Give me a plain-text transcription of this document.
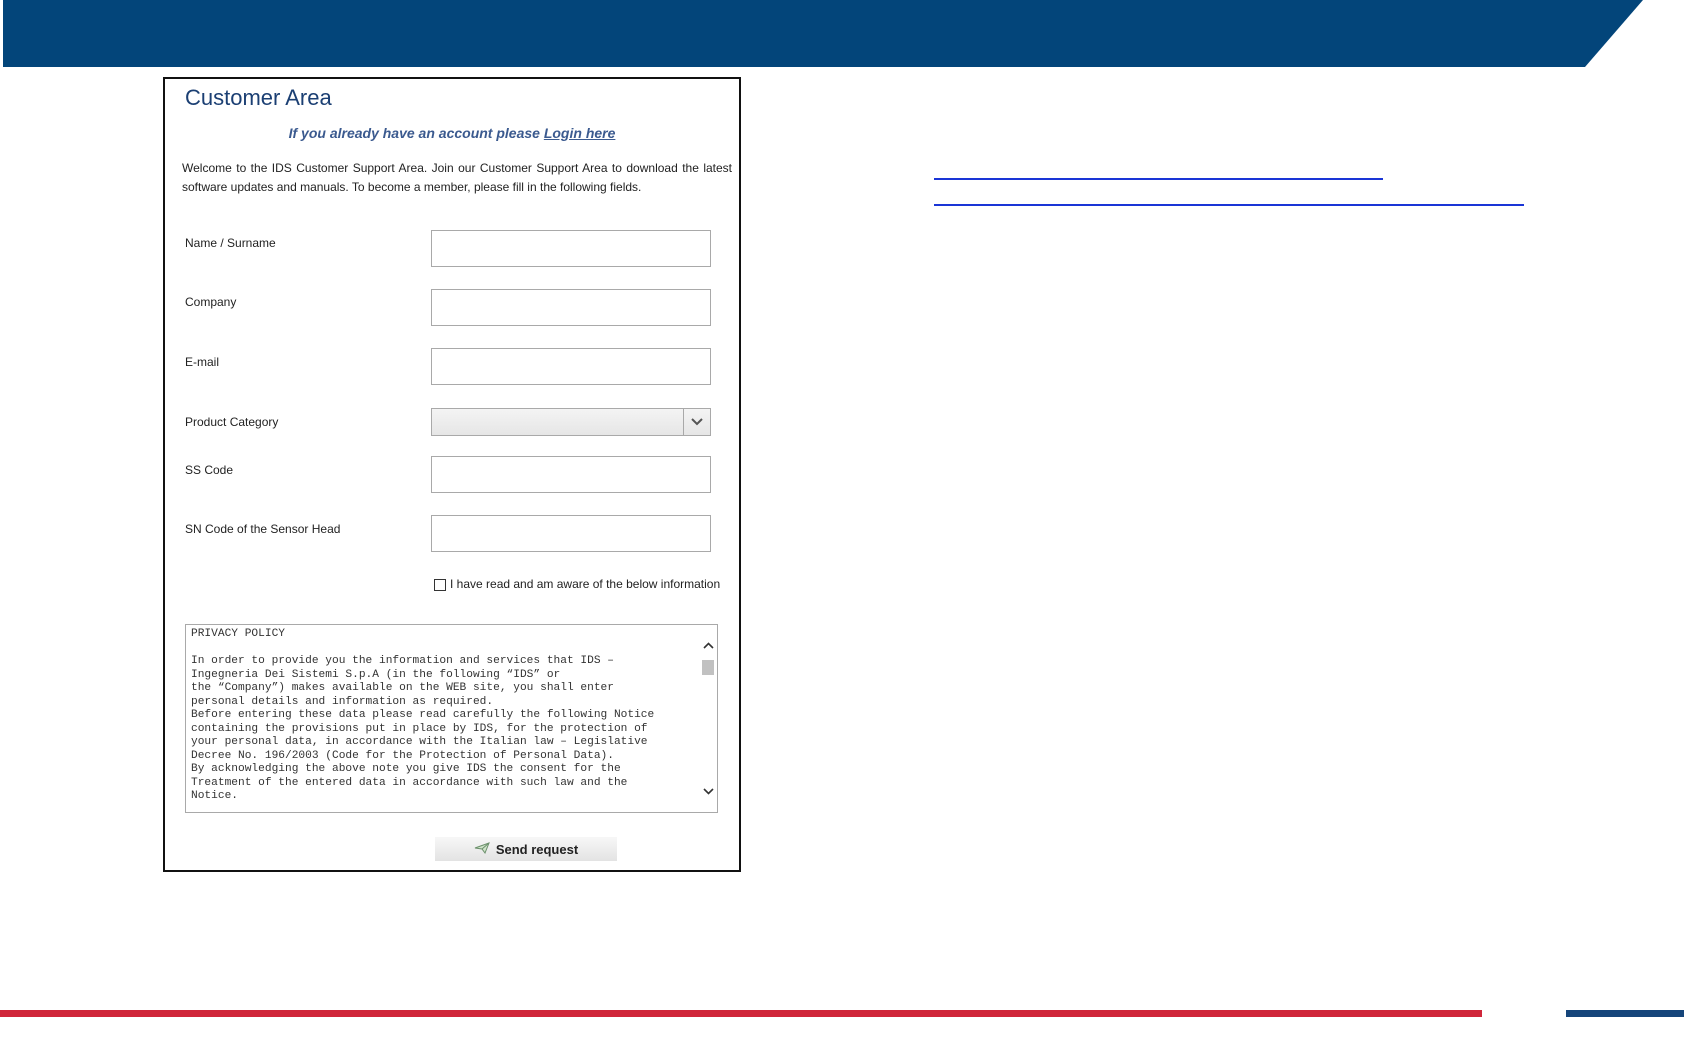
Customer Area
If you already have an account please Login here
Welcome to the IDS Customer Support Area. Join our Customer Support Area to download the latest software updates and manuals. To become a member, please fill in the following fields.
Name / Surname
Company
E-mail
Product Category
SS Code
SN Code of the Sensor Head
I have read and am aware of the below information
PRIVACY POLICY

In order to provide you the information and services that IDS –
Ingegneria Dei Sistemi S.p.A (in the following “IDS” or
the “Company”) makes available on the WEB site, you shall enter
personal details and information as required.
Before entering these data please read carefully the following Notice
containing the provisions put in place by IDS, for the protection of
your personal data, in accordance with the Italian law – Legislative
Decree No. 196/2003 (Code for the Protection of Personal Data).
By acknowledging the above note you give IDS the consent for the
Treatment of the entered data in accordance with such law and the
Notice.
Send request
